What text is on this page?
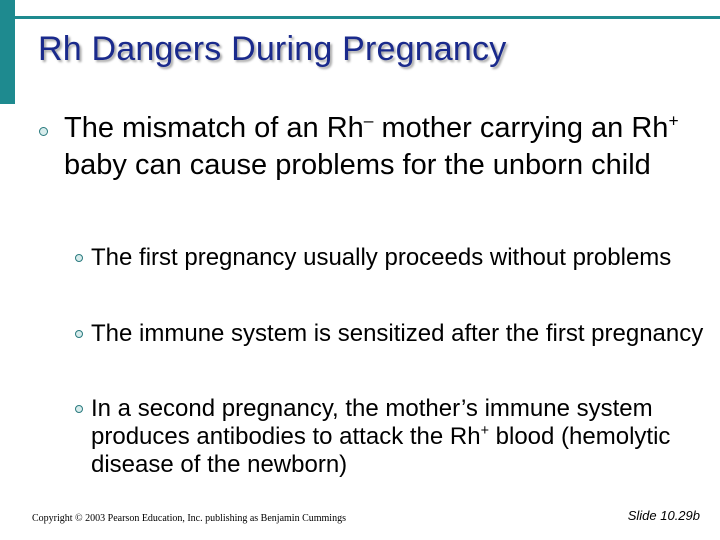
Rh Dangers During Pregnancy
The mismatch of an Rh– mother carrying an Rh+ baby can cause problems for the unborn child
The first pregnancy usually proceeds without problems
The immune system is sensitized after the first pregnancy
In a second pregnancy, the mother’s immune system produces antibodies to attack the Rh+ blood (hemolytic disease of the newborn)
Copyright © 2003 Pearson Education, Inc. publishing as Benjamin Cummings	Slide 10.29b
